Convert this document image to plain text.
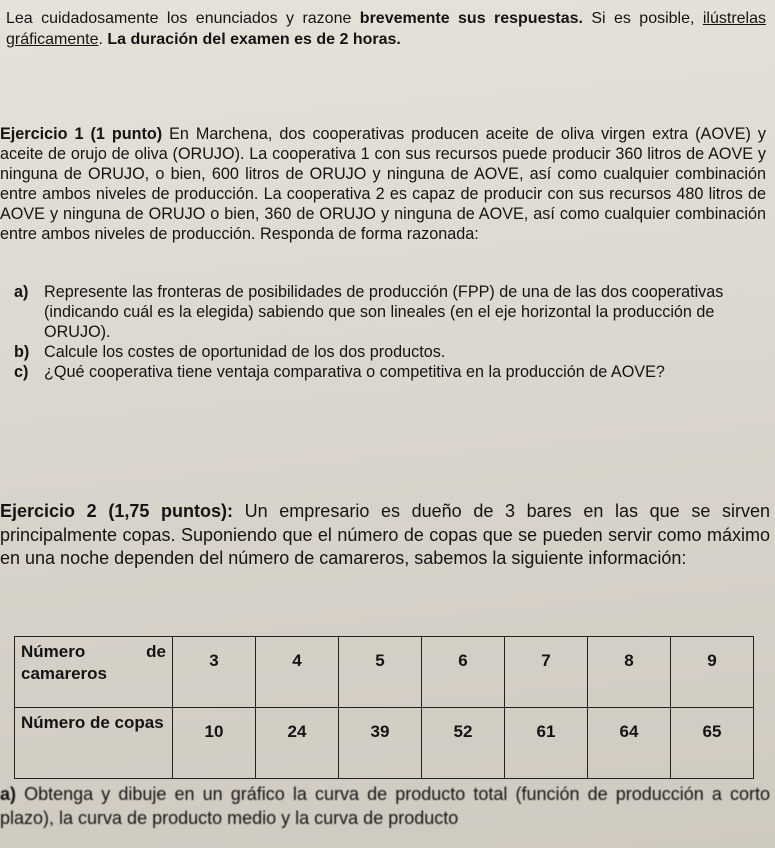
Lea cuidadosamente los enunciados y razone brevemente sus respuestas. Si es posible, ilústrelas gráficamente. La duración del examen es de 2 horas.
Ejercicio 1 (1 punto) En Marchena, dos cooperativas producen aceite de oliva virgen extra (AOVE) y aceite de orujo de oliva (ORUJO). La cooperativa 1 con sus recursos puede producir 360 litros de AOVE y ninguna de ORUJO, o bien, 600 litros de ORUJO y ninguna de AOVE, así como cualquier combinación entre ambos niveles de producción. La cooperativa 2 es capaz de producir con sus recursos 480 litros de AOVE y ninguna de ORUJO o bien, 360 de ORUJO y ninguna de AOVE, así como cualquier combinación entre ambos niveles de producción. Responda de forma razonada:
a) Represente las fronteras de posibilidades de producción (FPP) de una de las dos cooperativas (indicando cuál es la elegida) sabiendo que son lineales (en el eje horizontal la producción de ORUJO).
b) Calcule los costes de oportunidad de los dos productos.
c) ¿Qué cooperativa tiene ventaja comparativa o competitiva en la producción de AOVE?
Ejercicio 2 (1,75 puntos): Un empresario es dueño de 3 bares en las que se sirven principalmente copas. Suponiendo que el número de copas que se pueden servir como máximo en una noche dependen del número de camareros, sabemos la siguiente información:
Número de camareros	3	4	5	6	7	8	9
Número de copas	10	24	39	52	61	64	65
a) Obtenga y dibuje en un gráfico la curva de producto total (función de producción a corto plazo), la curva de producto medio y la curva de producto
